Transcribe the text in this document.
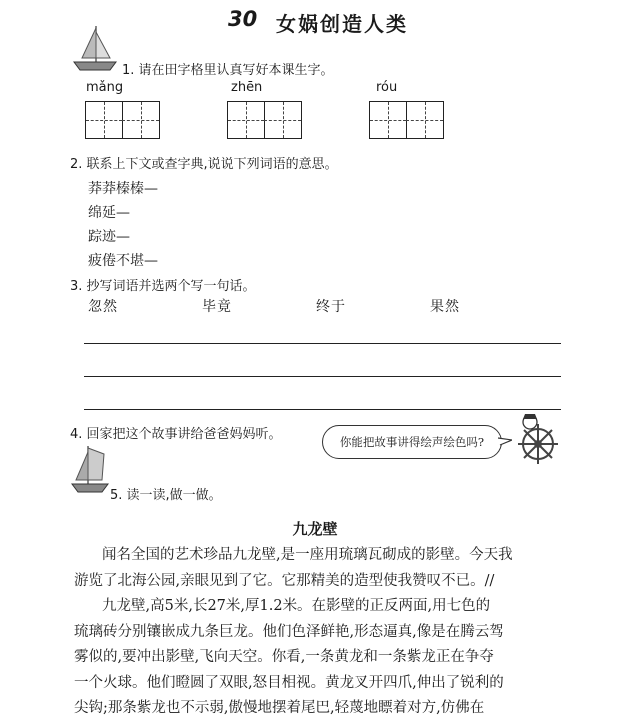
30 女娲创造人类
1. 请在田字格里认真写好本课生字。
mǎng	zhēn	róu
2. 联系上下文或查字典,说说下列词语的意思。
莽莽榛榛—
绵延—
踪迹—
疲倦不堪—
3. 抄写词语并选两个写一句话。
忽然	毕竟	终于	果然
4. 回家把这个故事讲给爸爸妈妈听。	你能把故事讲得绘声绘色吗?
5. 读一读,做一做。
九龙壁
闻名全国的艺术珍品九龙壁,是一座用琉璃瓦砌成的影壁。今天我
游览了北海公园,亲眼见到了它。它那精美的造型使我赞叹不已。//
九龙壁,高5米,长27米,厚1.2米。在影壁的正反两面,用七色的
琉璃砖分别镶嵌成九条巨龙。他们色泽鲜艳,形态逼真,像是在腾云驾
雾似的,要冲出影壁,飞向天空。你看,一条黄龙和一条紫龙正在争夺
一个火球。他们瞪圆了双眼,怒目相视。黄龙叉开四爪,伸出了锐利的
尖钩;那条紫龙也不示弱,傲慢地摆着尾巴,轻蔑地瞟着对方,仿佛在
